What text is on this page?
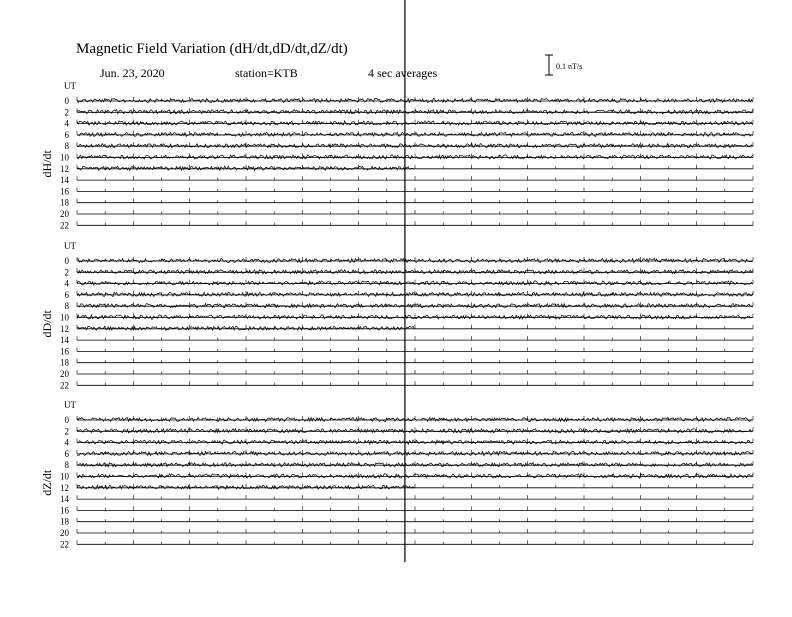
Magnetic Field Variation (dH/dt,dD/dt,dZ/dt)
Jun. 23, 2020	station=KTB	4 sec averages	0.1 nT/s
UT
dH/dt
0
2
4
6
8
10
12
14
16
18
20
22
UT
dD/dt
0
2
4
6
8
10
12
14
16
18
20
22
UT
dZ/dt
0
2
4
6
8
10
12
14
16
18
20
22
